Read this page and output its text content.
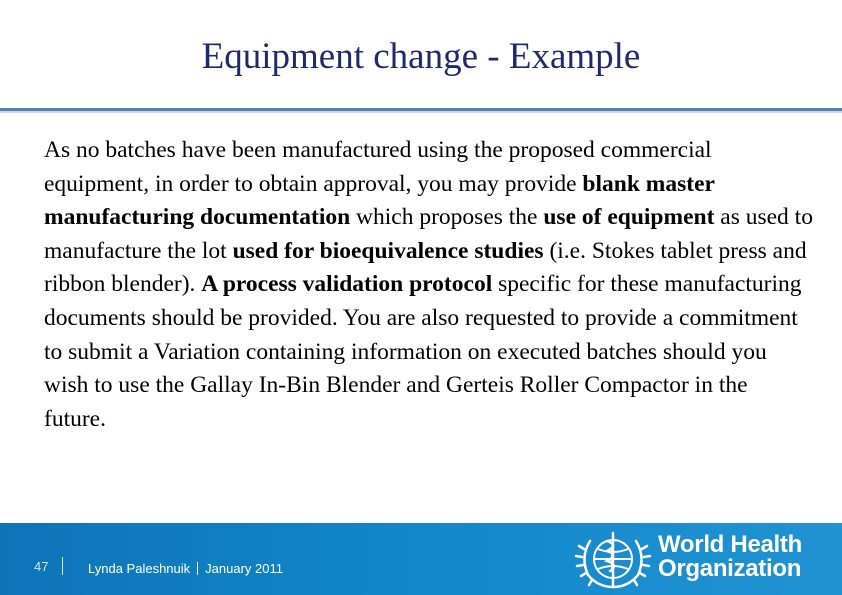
Equipment change - Example
As no batches have been manufactured using the proposed commercial equipment, in order to obtain approval, you may provide blank master manufacturing documentation which proposes the use of equipment as used to manufacture the lot used for bioequivalence studies (i.e. Stokes tablet press and ribbon blender). A process validation protocol specific for these manufacturing documents should be provided. You are also requested to provide a commitment to submit a Variation containing information on executed batches should you wish to use the Gallay In-Bin Blender and Gerteis Roller Compactor in the future.
47	Lynda Paleshnuik January 2011
World Health
Organization
